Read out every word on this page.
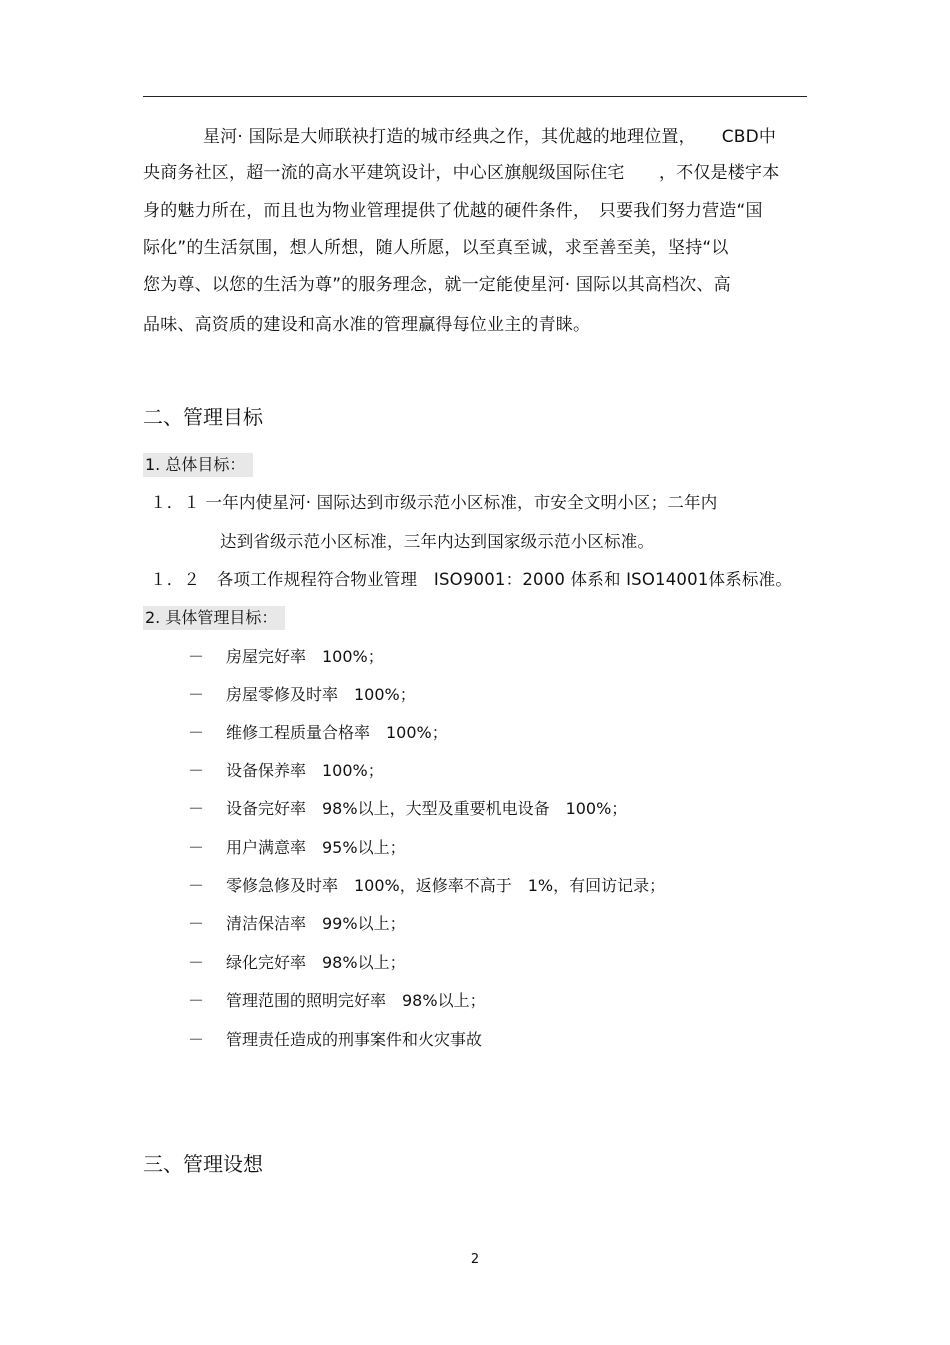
星河· 国际是大师联袂打造的城市经典之作，其优越的地理位置，　　CBD中
央商务社区，超一流的高水平建筑设计，中心区旗舰级国际住宅　　，不仅是楼宇本
身的魅力所在，而且也为物业管理提供了优越的硬件条件，　只要我们努力营造“国
际化”的生活氛围，想人所想，随人所愿，以至真至诚，求至善至美，坚持“以
您为尊、以您的生活为尊”的服务理念，就一定能使星河· 国际以其高档次、高
品味、高资质的建设和高水准的管理赢得每位业主的青睐。
二、管理目标
1. 总体目标：
１．１ 一年内使星河· 国际达到市级示范小区标准，市安全文明小区；二年内
达到省级示范小区标准，三年内达到国家级示范小区标准。
１．２　各项工作规程符合物业管理　ISO9001：2000 体系和 ISO14001体系标准。
2. 具体管理目标：
－ 房屋完好率　100%；
－ 房屋零修及时率　100%；
－ 维修工程质量合格率　100%；
－ 设备保养率　100%；
－ 设备完好率　98%以上，大型及重要机电设备　100%；
－ 用户满意率　95%以上；
－ 零修急修及时率　100%，返修率不高于　1%，有回访记录；
－ 清洁保洁率　99%以上；
－ 绿化完好率　98%以上；
－ 管理范围的照明完好率　98%以上；
－ 管理责任造成的刑事案件和火灾事故
三、管理设想
2
